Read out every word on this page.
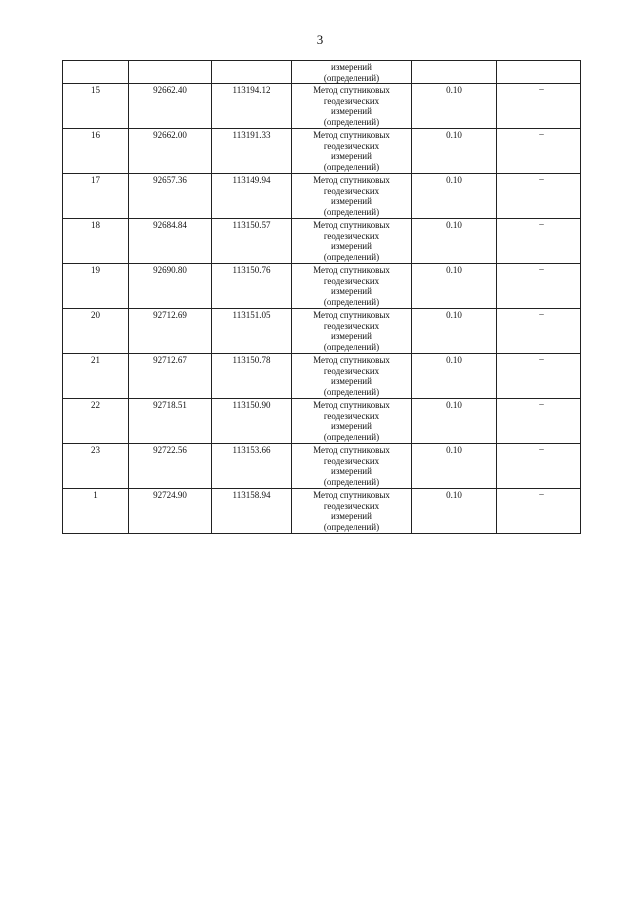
3

			измерений
(определений)		

15	92662.40	113194.12	Метод спутниковых
геодезических
измерений
(определений)	0.10	–

16	92662.00	113191.33	Метод спутниковых
геодезических
измерений
(определений)	0.10	–

17	92657.36	113149.94	Метод спутниковых
геодезических
измерений
(определений)	0.10	–

18	92684.84	113150.57	Метод спутниковых
геодезических
измерений
(определений)	0.10	–

19	92690.80	113150.76	Метод спутниковых
геодезических
измерений
(определений)	0.10	–

20	92712.69	113151.05	Метод спутниковых
геодезических
измерений
(определений)	0.10	–

21	92712.67	113150.78	Метод спутниковых
геодезических
измерений
(определений)	0.10	–

22	92718.51	113150.90	Метод спутниковых
геодезических
измерений
(определений)	0.10	–

23	92722.56	113153.66	Метод спутниковых
геодезических
измерений
(определений)	0.10	–

1	92724.90	113158.94	Метод спутниковых
геодезических
измерений
(определений)	0.10	–
